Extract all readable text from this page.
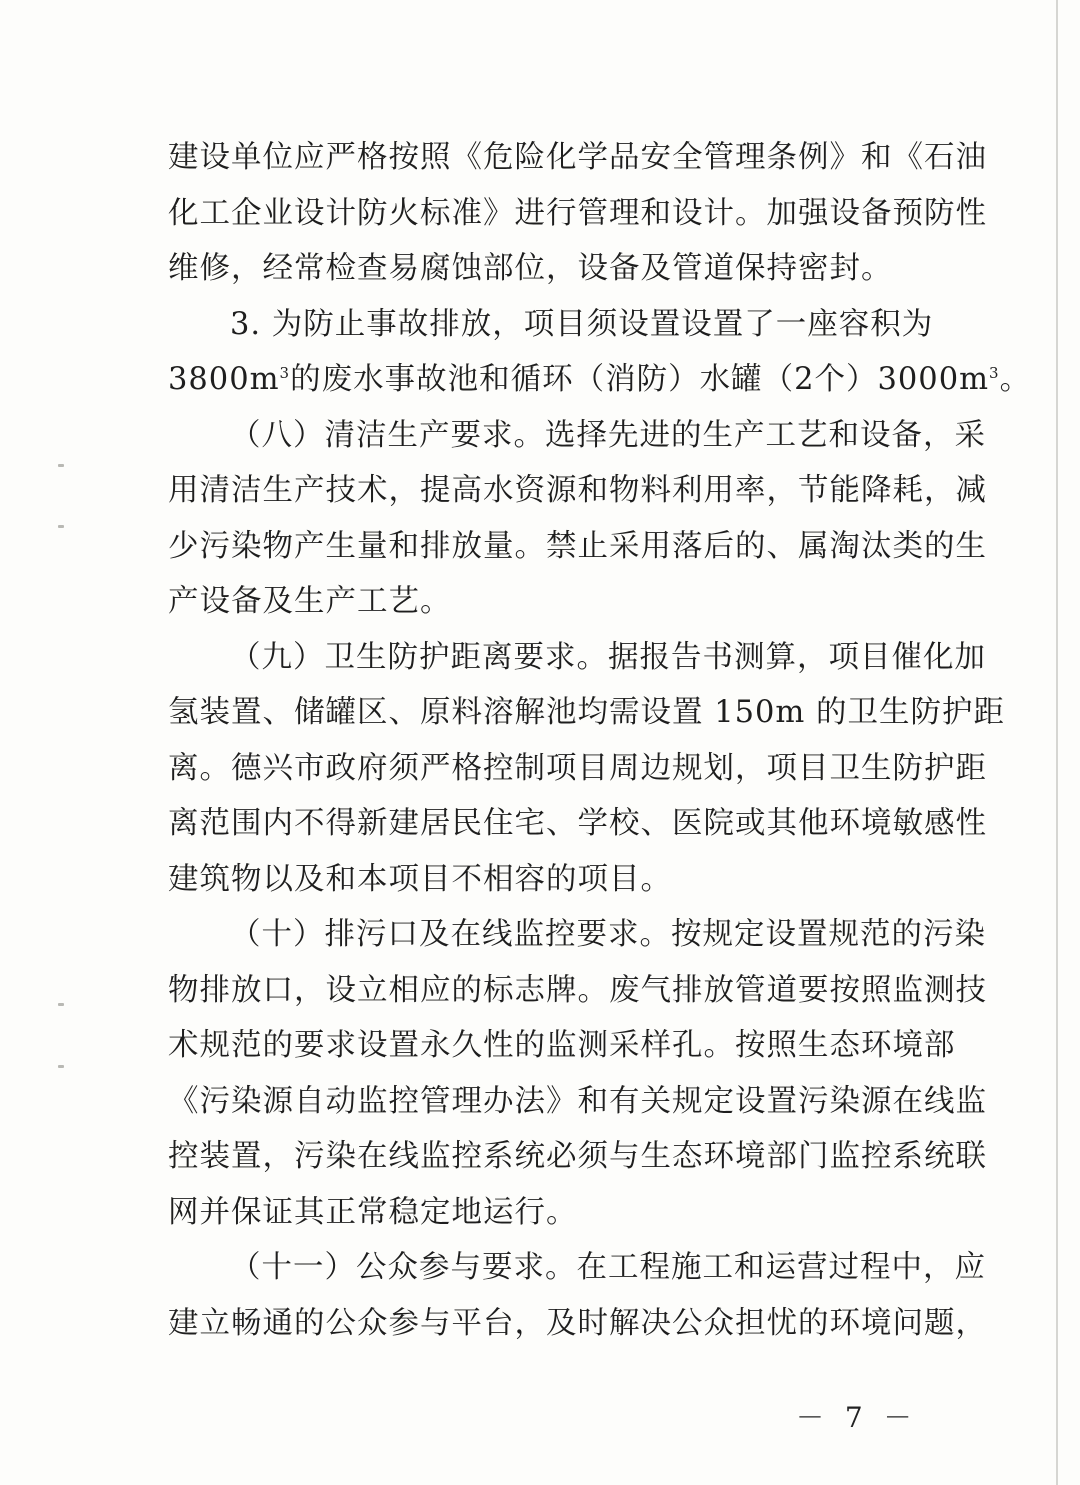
建设单位应严格按照《危险化学品安全管理条例》和《石油
化工企业设计防火标准》进行管理和设计。加强设备预防性
维修，经常检查易腐蚀部位，设备及管道保持密封。
3. 为防止事故排放，项目须设置设置了一座容积为
$3800m^3$的废水事故池和循环（消防）水罐（2个）$3000m^3$。
（八）清洁生产要求。选择先进的生产工艺和设备，采
用清洁生产技术，提高水资源和物料利用率，节能降耗，减
少污染物产生量和排放量。禁止采用落后的、属淘汰类的生
产设备及生产工艺。
（九）卫生防护距离要求。据报告书测算，项目催化加
氢装置、储罐区、原料溶解池均需设置 150m 的卫生防护距
离。德兴市政府须严格控制项目周边规划，项目卫生防护距
离范围内不得新建居民住宅、学校、医院或其他环境敏感性
建筑物以及和本项目不相容的项目。
（十）排污口及在线监控要求。按规定设置规范的污染
物排放口，设立相应的标志牌。废气排放管道要按照监测技
术规范的要求设置永久性的监测采样孔。按照生态环境部
《污染源自动监控管理办法》和有关规定设置污染源在线监
控装置，污染在线监控系统必须与生态环境部门监控系统联
网并保证其正常稳定地运行。
（十一）公众参与要求。在工程施工和运营过程中，应
建立畅通的公众参与平台，及时解决公众担忧的环境问题，
－ 7 －
